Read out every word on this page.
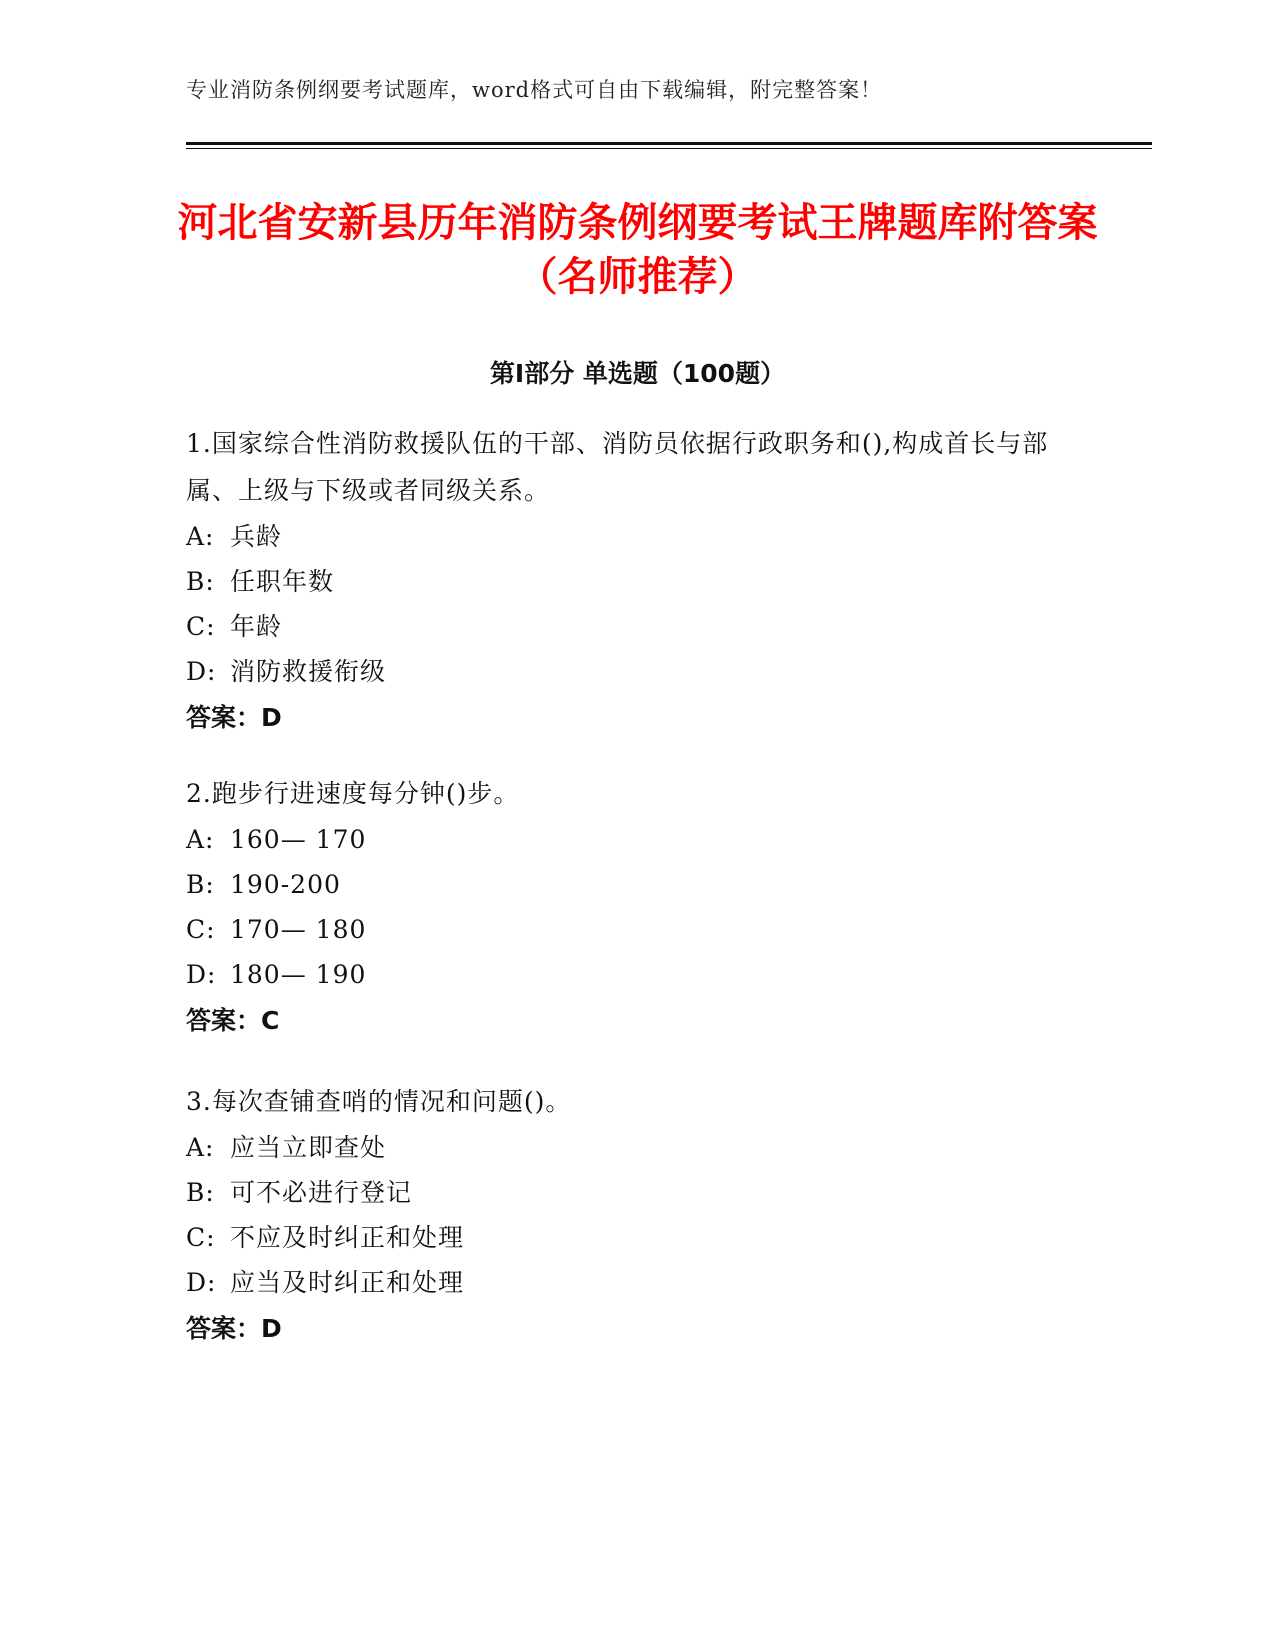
专业消防条例纲要考试题库，word格式可自由下载编辑，附完整答案！
河北省安新县历年消防条例纲要考试王牌题库附答案（名师推荐）
第Ⅰ部分 单选题（100题）

1.国家综合性消防救援队伍的干部、消防员依据行政职务和(),构成首长与部属、上级与下级或者同级关系。

A: 兵龄

B: 任职年数

C: 年龄

D: 消防救援衔级

答案：D

2.跑步行进速度每分钟()步。

A: 160— 170

B: 190-200

C: 170— 180

D: 180— 190

答案：C

3.每次查铺查哨的情况和问题()。

A: 应当立即查处

B: 可不必进行登记

C: 不应及时纠正和处理

D: 应当及时纠正和处理

答案：D
